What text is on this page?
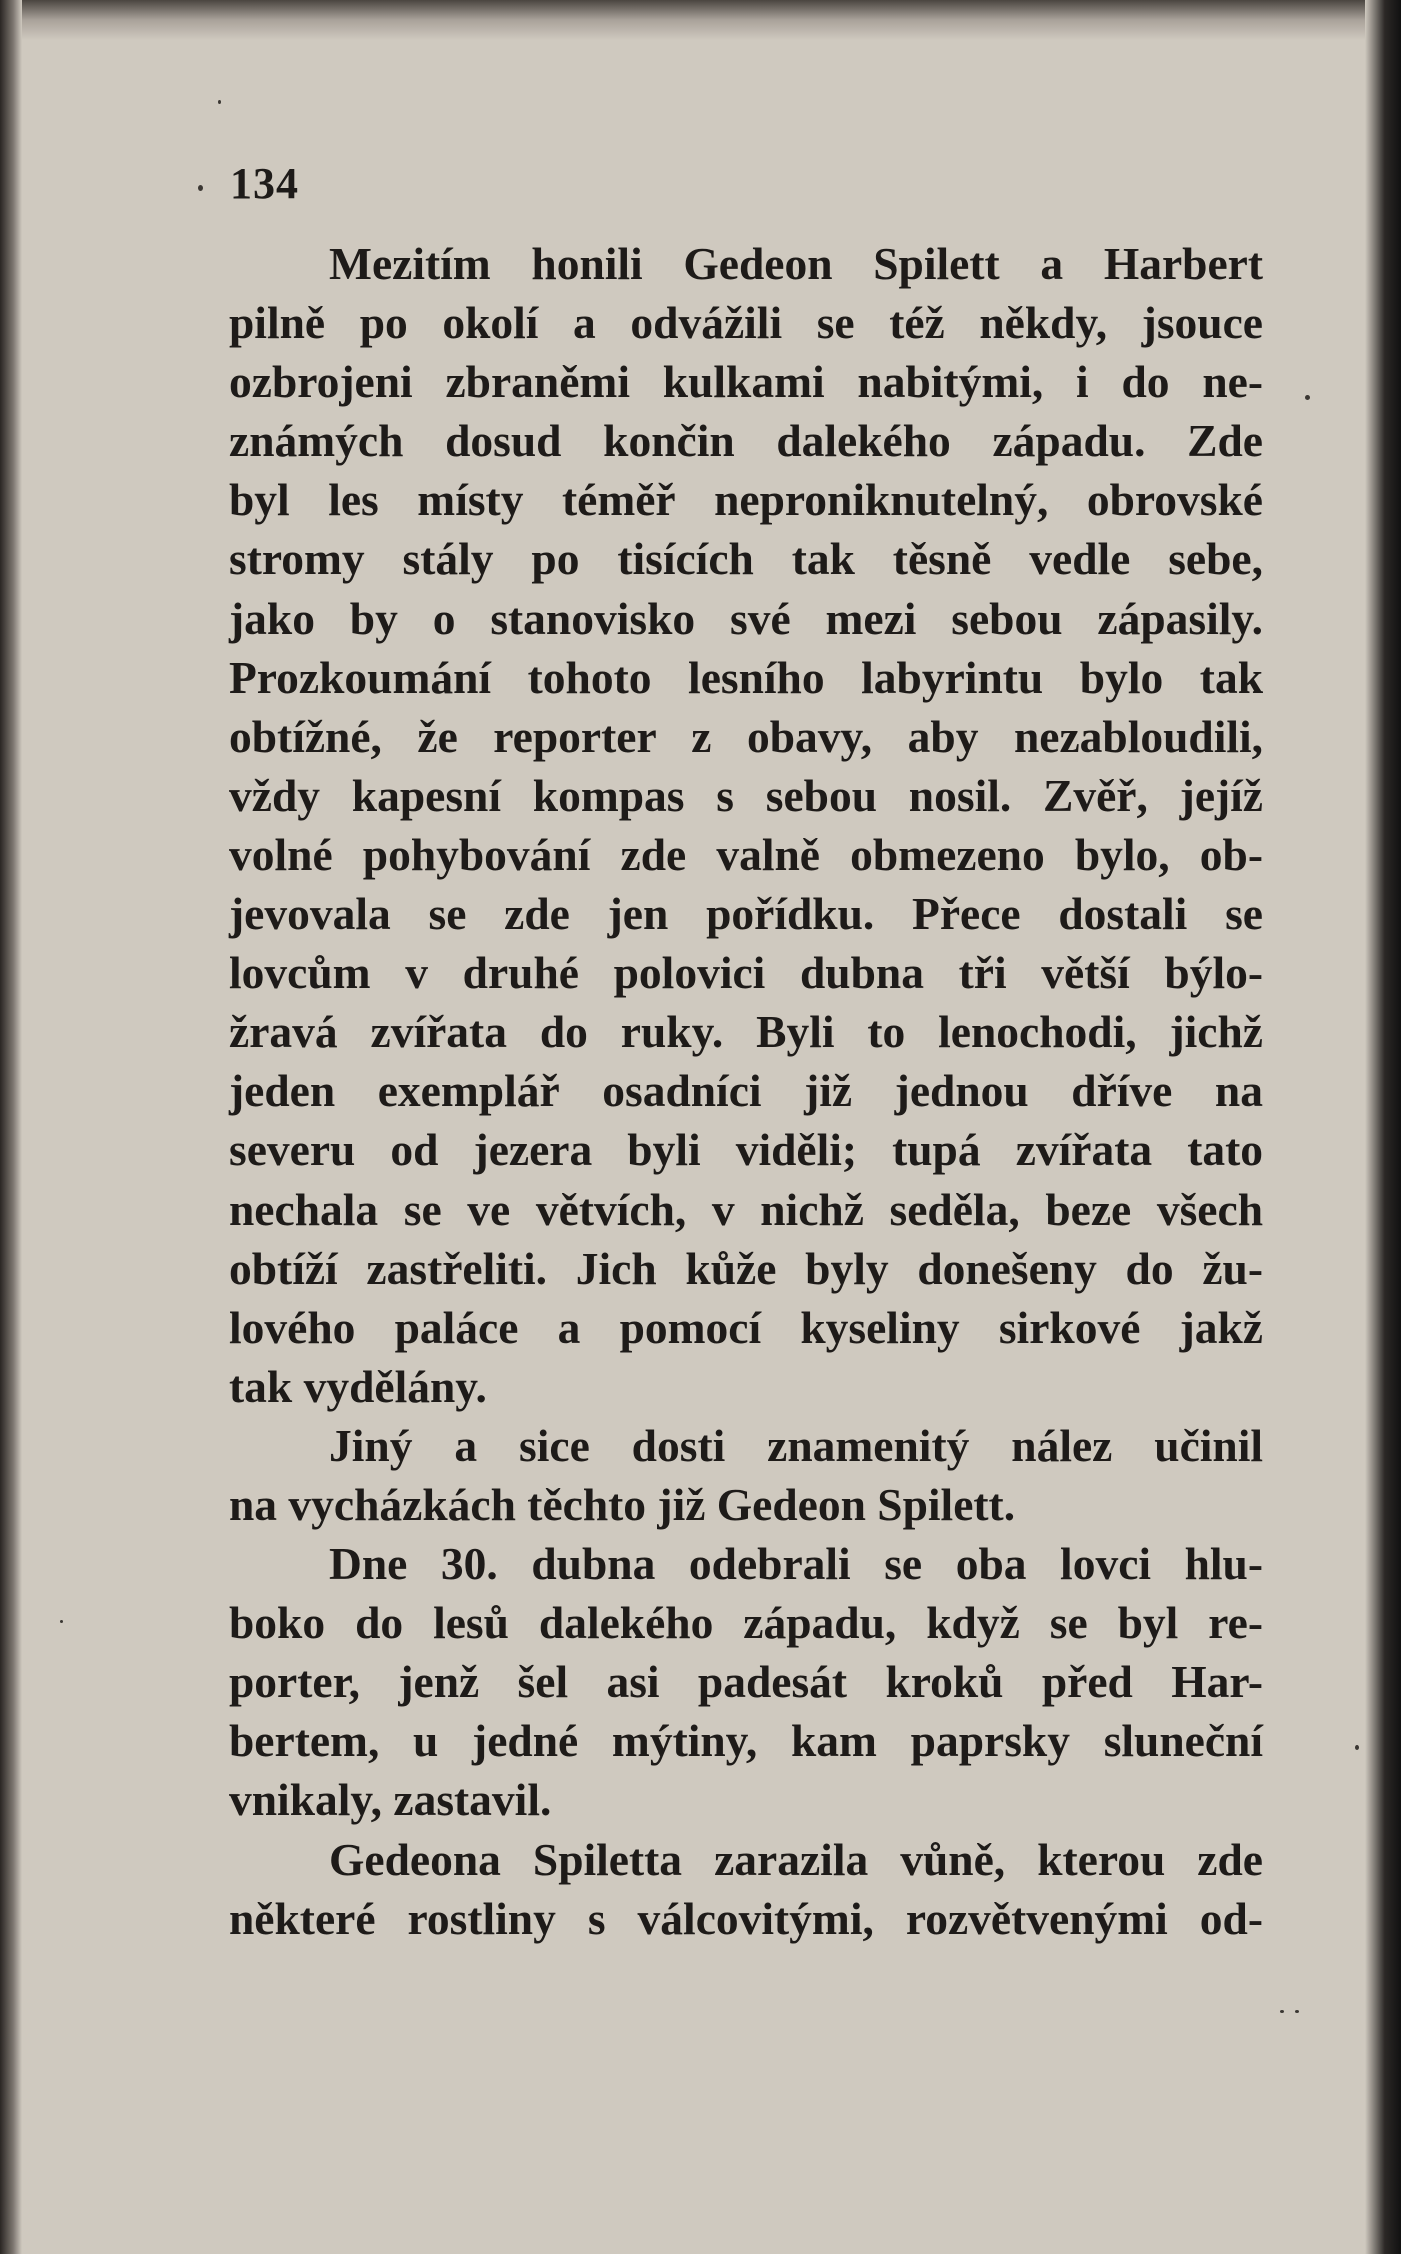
134
Mezitím honili Gedeon Spilett a Harbert
pilně po okolí a odvážili se též někdy, jsouce
ozbrojeni zbraněmi kulkami nabitými, i do ne-
známých dosud končin dalekého západu. Zde
byl les místy téměř neproniknutelný, obrovské
stromy stály po tisících tak těsně vedle sebe,
jako by o stanovisko své mezi sebou zápasily.
Prozkoumání tohoto lesního labyrintu bylo tak
obtížné, že reporter z obavy, aby nezabloudili,
vždy kapesní kompas s sebou nosil. Zvěř, jejíž
volné pohybování zde valně obmezeno bylo, ob-
jevovala se zde jen pořídku. Přece dostali se
lovcům v druhé polovici dubna tři větší býlo-
žravá zvířata do ruky. Byli to lenochodi, jichž
jeden exemplář osadníci již jednou dříve na
severu od jezera byli viděli; tupá zvířata tato
nechala se ve větvích, v nichž seděla, beze všech
obtíží zastřeliti. Jich kůže byly donešeny do žu-
lového paláce a pomocí kyseliny sirkové jakž
tak vydělány.
Jiný a sice dosti znamenitý nález učinil
na vycházkách těchto již Gedeon Spilett.
Dne 30. dubna odebrali se oba lovci hlu-
boko do lesů dalekého západu, když se byl re-
porter, jenž šel asi padesát kroků před Har-
bertem, u jedné mýtiny, kam paprsky sluneční
vnikaly, zastavil.
Gedeona Spiletta zarazila vůně, kterou zde
některé rostliny s válcovitými, rozvětvenými od-
